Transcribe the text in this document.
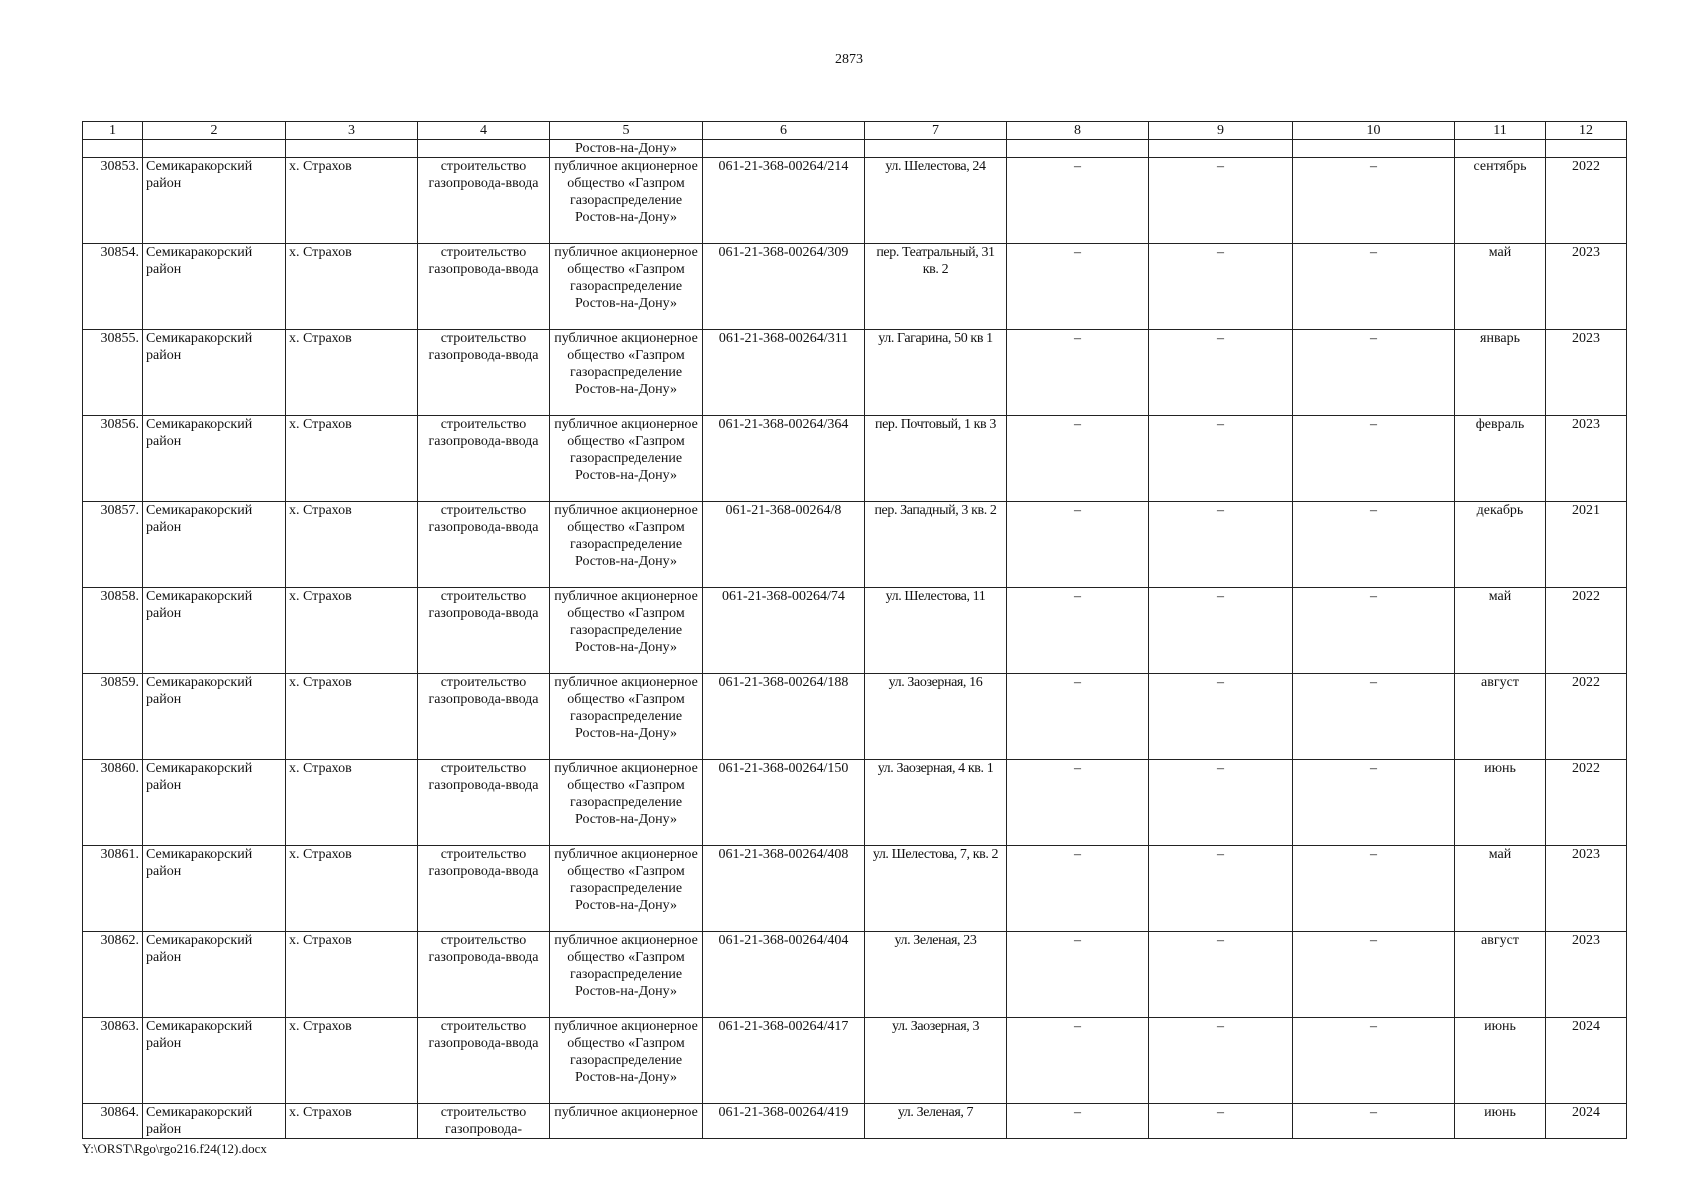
2873
1	2	3	4	5	6	7	8	9	10	11	12
				Ростов-на-Дону»							
30853.	Семикаракорский район	х. Страхов	строительство газопровода-ввода	публичное акционерное общество «Газпром газораспределение Ростов-на-Дону»	061-21-368-00264/214	ул. Шелестова, 24	–	–	–	сентябрь	2022
30854.	Семикаракорский район	х. Страхов	строительство газопровода-ввода	публичное акционерное общество «Газпром газораспределение Ростов-на-Дону»	061-21-368-00264/309	пер. Театральный, 31 кв. 2	–	–	–	май	2023
30855.	Семикаракорский район	х. Страхов	строительство газопровода-ввода	публичное акционерное общество «Газпром газораспределение Ростов-на-Дону»	061-21-368-00264/311	ул. Гагарина, 50 кв 1	–	–	–	январь	2023
30856.	Семикаракорский район	х. Страхов	строительство газопровода-ввода	публичное акционерное общество «Газпром газораспределение Ростов-на-Дону»	061-21-368-00264/364	пер. Почтовый, 1 кв 3	–	–	–	февраль	2023
30857.	Семикаракорский район	х. Страхов	строительство газопровода-ввода	публичное акционерное общество «Газпром газораспределение Ростов-на-Дону»	061-21-368-00264/8	пер. Западный, 3 кв. 2	–	–	–	декабрь	2021
30858.	Семикаракорский район	х. Страхов	строительство газопровода-ввода	публичное акционерное общество «Газпром газораспределение Ростов-на-Дону»	061-21-368-00264/74	ул. Шелестова, 11	–	–	–	май	2022
30859.	Семикаракорский район	х. Страхов	строительство газопровода-ввода	публичное акционерное общество «Газпром газораспределение Ростов-на-Дону»	061-21-368-00264/188	ул. Заозерная, 16	–	–	–	август	2022
30860.	Семикаракорский район	х. Страхов	строительство газопровода-ввода	публичное акционерное общество «Газпром газораспределение Ростов-на-Дону»	061-21-368-00264/150	ул. Заозерная, 4 кв. 1	–	–	–	июнь	2022
30861.	Семикаракорский район	х. Страхов	строительство газопровода-ввода	публичное акционерное общество «Газпром газораспределение Ростов-на-Дону»	061-21-368-00264/408	ул. Шелестова, 7, кв. 2	–	–	–	май	2023
30862.	Семикаракорский район	х. Страхов	строительство газопровода-ввода	публичное акционерное общество «Газпром газораспределение Ростов-на-Дону»	061-21-368-00264/404	ул. Зеленая, 23	–	–	–	август	2023
30863.	Семикаракорский район	х. Страхов	строительство газопровода-ввода	публичное акционерное общество «Газпром газораспределение Ростов-на-Дону»	061-21-368-00264/417	ул. Заозерная, 3	–	–	–	июнь	2024
30864.	Семикаракорский район	х. Страхов	строительство газопровода-	публичное акционерное	061-21-368-00264/419	ул. Зеленая, 7	–	–	–	июнь	2024
Y:\ORST\Rgo\rgo216.f24(12).docx
